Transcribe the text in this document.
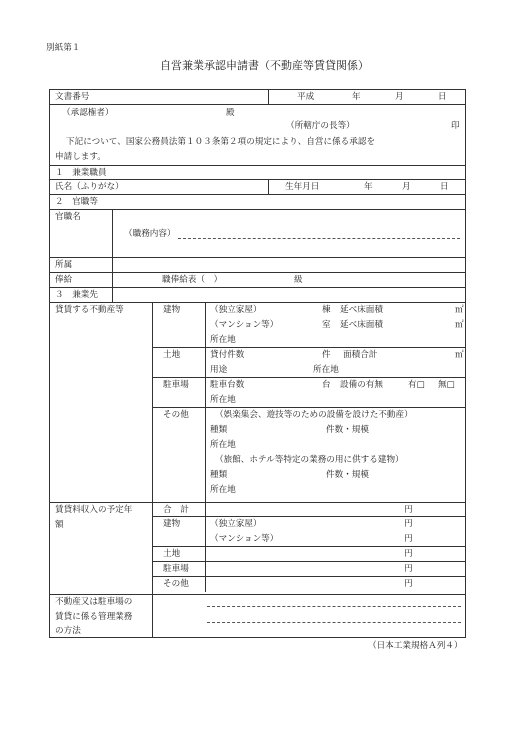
別紙第１
自営兼業承認申請書（不動産等賃貸関係）
文書番号	平成	年	月	日
（承認権者）	殿
（所轄庁の長等）	印
下記について、国家公務員法第１０３条第２項の規定により、自営に係る承認を
申請します。
１　兼業職員
氏名（ふりがな）	生年月日	年	月	日
２　官職等
官職名
（職務内容）
所属
俸給	職俸給表（　）	級
３　兼業先
貸賃する不動産等	建物	（独立家屋）	棟 延べ床面積	㎡
（マンション等）	室 延べ床面積	㎡
所在地
土地	貸付件数	件 面積合計	㎡
用途	所在地
駐車場 駐車台数	台 設備の有無	有□ 無□
所在地
その他	（娯楽集会、遊技等のための設備を設けた不動産）
種類	件数・規模
所在地
（旅館、ホテル等特定の業務の用に供する建物）
種類	件数・規模
所在地
賃貸料収入の予定年
額
合　計	円
建物	（独立家屋）	円
（マンション等）	円
土地	円
駐車場	円
その他	円
不動産又は駐車場の
賃貸に係る管理業務
の方法
（日本工業規格Ａ列４）
